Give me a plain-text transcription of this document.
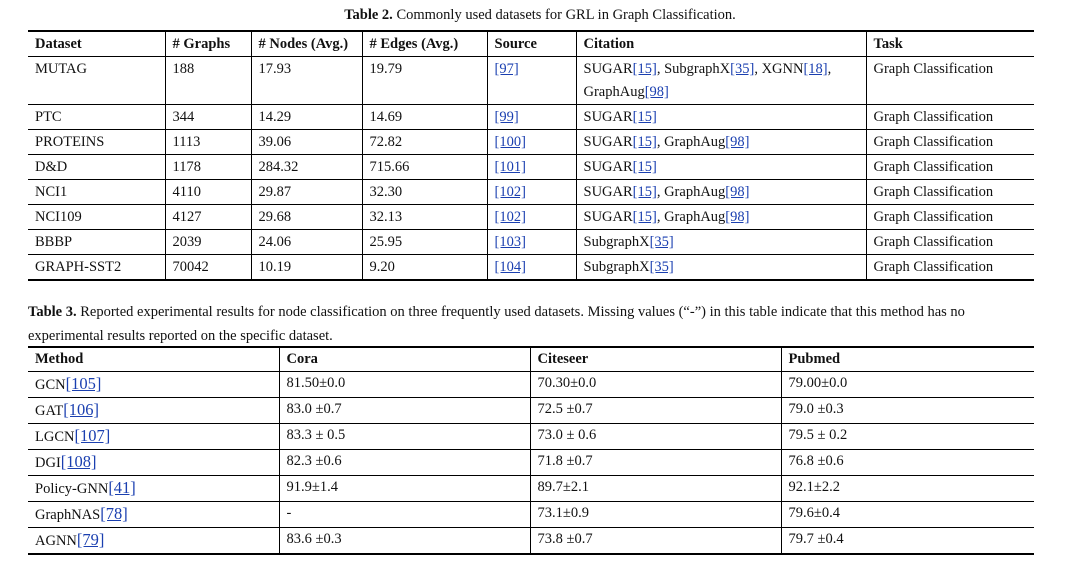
Table 2. Commonly used datasets for GRL in Graph Classification.
Dataset	# Graphs	# Nodes (Avg.)	# Edges (Avg.)	Source	Citation	Task
MUTAG	188	17.93	19.79	[97]	SUGAR[15], SubgraphX[35], XGNN[18], GraphAug[98]	Graph Classification
PTC	344	14.29	14.69	[99]	SUGAR[15]	Graph Classification
PROTEINS	1113	39.06	72.82	[100]	SUGAR[15], GraphAug[98]	Graph Classification
D&D	1178	284.32	715.66	[101]	SUGAR[15]	Graph Classification
NCI1	4110	29.87	32.30	[102]	SUGAR[15], GraphAug[98]	Graph Classification
NCI109	4127	29.68	32.13	[102]	SUGAR[15], GraphAug[98]	Graph Classification
BBBP	2039	24.06	25.95	[103]	SubgraphX[35]	Graph Classification
GRAPH-SST2	70042	10.19	9.20	[104]	SubgraphX[35]	Graph Classification
Table 3. Reported experimental results for node classification on three frequently used datasets. Missing values (“-”) in this table indicate that this method has no experimental results reported on the specific dataset.
Method	Cora	Citeseer	Pubmed
GCN[105]	81.50±0.0	70.30±0.0	79.00±0.0
GAT[106]	83.0 ±0.7	72.5 ±0.7	79.0 ±0.3
LGCN[107]	83.3 ± 0.5	73.0 ± 0.6	79.5 ± 0.2
DGI[108]	82.3 ±0.6	71.8 ±0.7	76.8 ±0.6
Policy-GNN[41]	91.9±1.4	89.7±2.1	92.1±2.2
GraphNAS[78]	-	73.1±0.9	79.6±0.4
AGNN[79]	83.6 ±0.3	73.8 ±0.7	79.7 ±0.4
